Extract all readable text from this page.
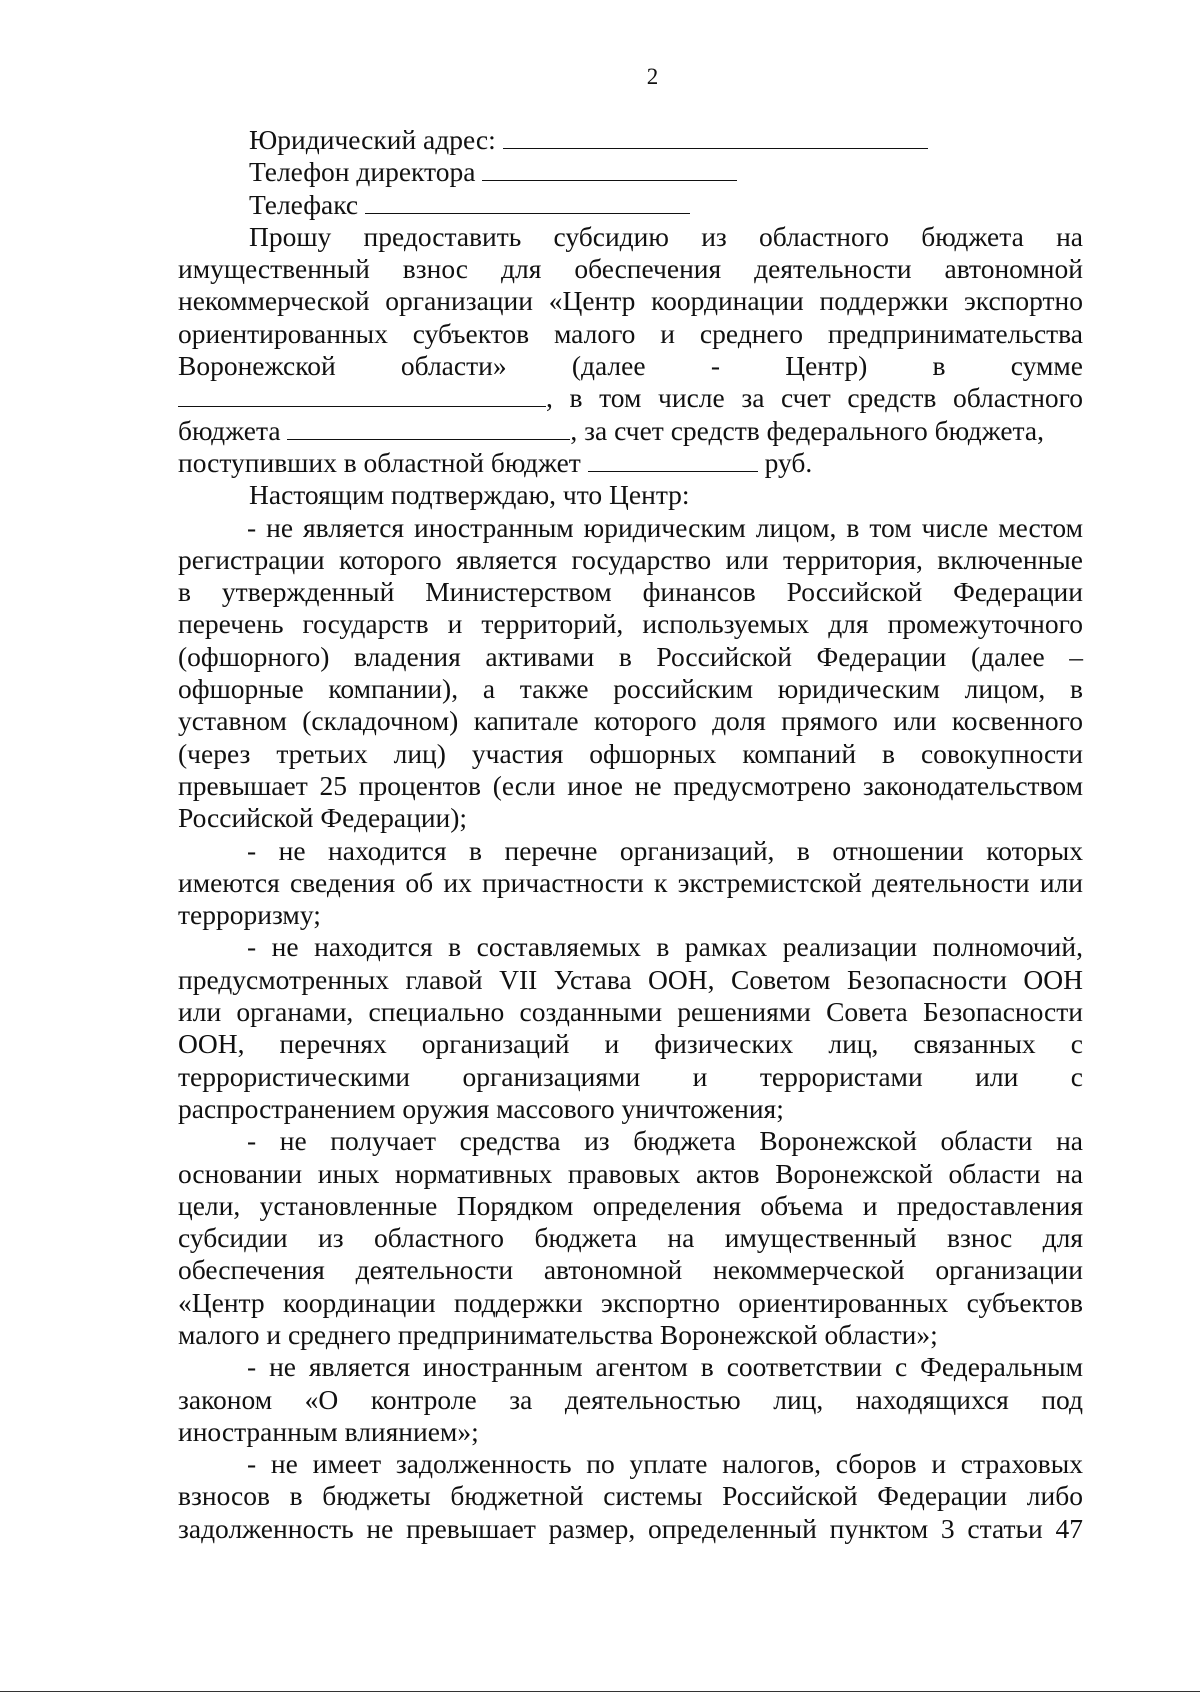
2
Юридический адрес:
Телефон директора
Телефакс
Прошу предоставить субсидию из областного бюджета на
имущественный взнос для обеспечения деятельности автономной
некоммерческой организации «Центр координации поддержки экспортно
ориентированных субъектов малого и среднего предпринимательства
Воронежской области» (далее - Центр) в сумме
, в том числе за счет средств областного
бюджета	, за счет средств федерального бюджета,
поступивших в областной бюджет	руб.
Настоящим подтверждаю, что Центр:
- не является иностранным юридическим лицом, в том числе местом
регистрации которого является государство или территория, включенные
в утвержденный Министерством финансов Российской Федерации
перечень государств и территорий, используемых для промежуточного
(офшорного) владения активами в Российской Федерации (далее –
офшорные компании), а также российским юридическим лицом, в
уставном (складочном) капитале которого доля прямого или косвенного
(через третьих лиц) участия офшорных компаний в совокупности
превышает 25 процентов (если иное не предусмотрено законодательством
Российской Федерации);
- не находится в перечне организаций, в отношении которых
имеются сведения об их причастности к экстремистской деятельности или
терроризму;
- не находится в составляемых в рамках реализации полномочий,
предусмотренных главой VII Устава ООН, Советом Безопасности ООН
или органами, специально созданными решениями Совета Безопасности
ООН, перечнях организаций и физических лиц, связанных с
террористическими организациями и террористами или с
распространением оружия массового уничтожения;
- не получает средства из бюджета Воронежской области на
основании иных нормативных правовых актов Воронежской области на
цели, установленные Порядком определения объема и предоставления
субсидии из областного бюджета на имущественный взнос для
обеспечения деятельности автономной некоммерческой организации
«Центр координации поддержки экспортно ориентированных субъектов
малого и среднего предпринимательства Воронежской области»;
- не является иностранным агентом в соответствии с Федеральным
законом «О контроле за деятельностью лиц, находящихся под
иностранным влиянием»;
- не имеет задолженность по уплате налогов, сборов и страховых
взносов в бюджеты бюджетной системы Российской Федерации либо
задолженность не превышает размер, определенный пунктом 3 статьи 47
